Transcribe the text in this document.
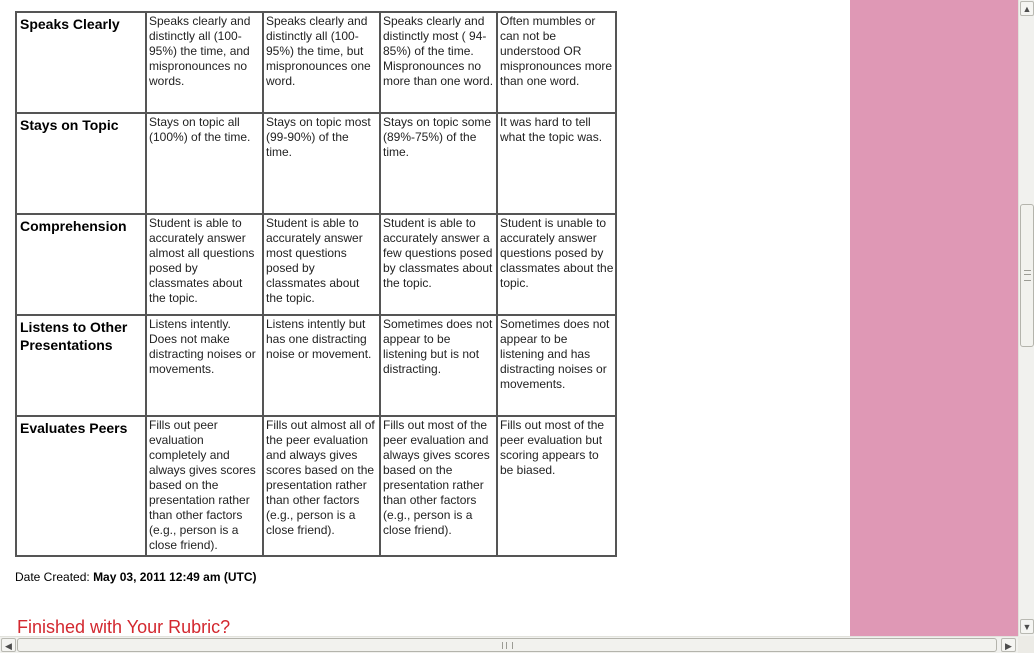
Speaks Clearly	Speaks clearly and distinctly all (100-95%) the time, and mispronounces no words.	Speaks clearly and distinctly all (100-95%) the time, but mispronounces one word.	Speaks clearly and distinctly most ( 94-85%) of the time. Mispronounces no more than one word.	Often mumbles or can not be understood OR mispronounces more than one word.
Stays on Topic	Stays on topic all (100%) of the time.	Stays on topic most (99-90%) of the time.	Stays on topic some (89%-75%) of the time.	It was hard to tell what the topic was.
Comprehension	Student is able to accurately answer almost all questions posed by classmates about the topic.	Student is able to accurately answer most questions posed by classmates about the topic.	Student is able to accurately answer a few questions posed by classmates about the topic.	Student is unable to accurately answer questions posed by classmates about the topic.
Listens to Other Presentations	Listens intently. Does not make distracting noises or movements.	Listens intently but has one distracting noise or movement.	Sometimes does not appear to be listening but is not distracting.	Sometimes does not appear to be listening and has distracting noises or movements.
Evaluates Peers	Fills out peer evaluation completely and always gives scores based on the presentation rather than other factors (e.g., person is a close friend).	Fills out almost all of the peer evaluation and always gives scores based on the presentation rather than other factors (e.g., person is a close friend).	Fills out most of the peer evaluation and always gives scores based on the presentation rather than other factors (e.g., person is a close friend).	Fills out most of the peer evaluation but scoring appears to be biased.
Date Created: May 03, 2011 12:49 am (UTC)
Finished with Your Rubric?
▲
▼
◀	▶
